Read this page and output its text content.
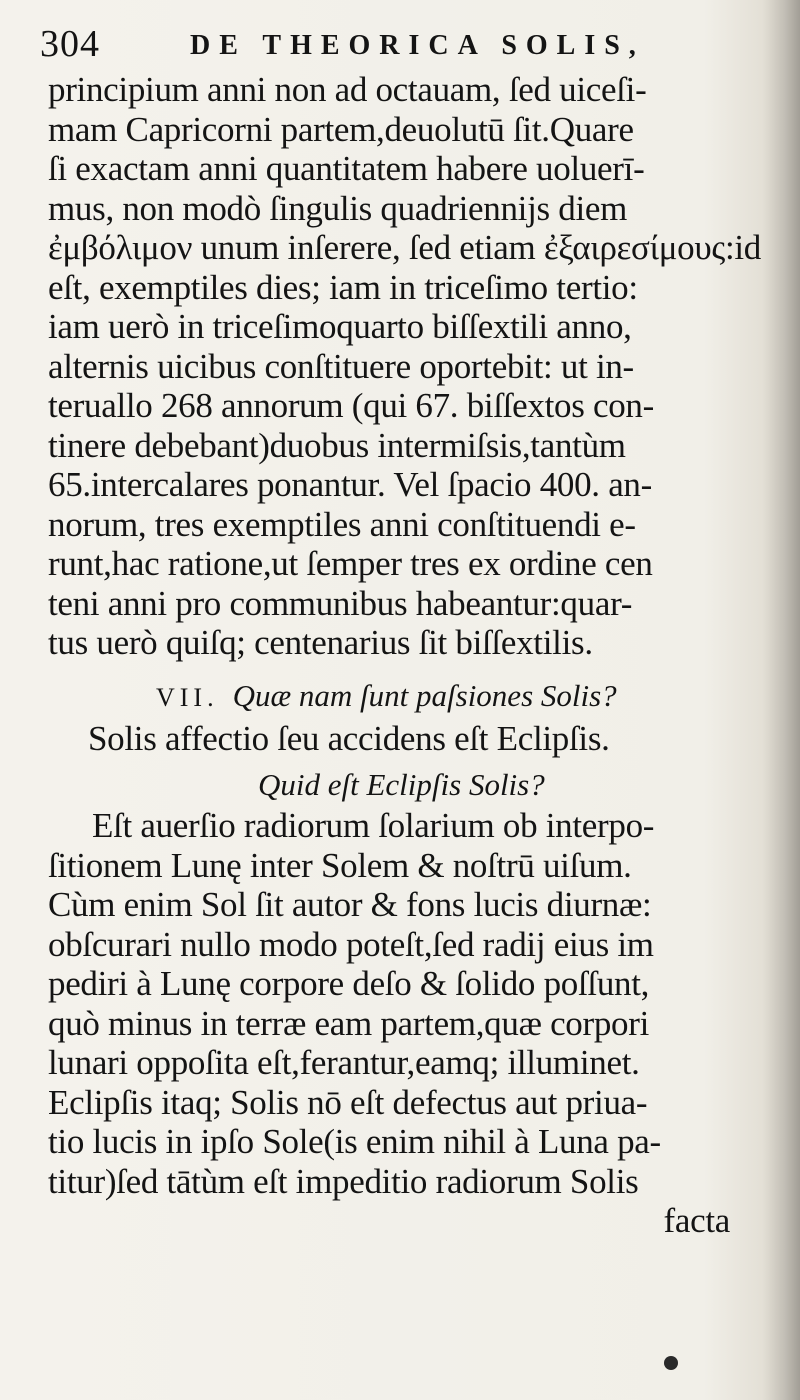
304	DE THEORICA SOLIS,
principium anni non ad octauam, ſed uiceſi-
mam Capricorni partem,deuolutū ſit.Quare
ſi exactam anni quantitatem habere uoluerī-
mus, non modò ſingulis quadriennijs diem
ἐμβόλιμον unum inſerere, ſed etiam ἐξαιρεσίμους:id
eſt, exemptiles dies; iam in triceſimo tertio:
iam uerò in triceſimoquarto biſſextili anno,
alternis uicibus conſtituere oportebit: ut in-
teruallo 268 annorum (qui 67. biſſextos con-
tinere debebant)duobus intermiſsis,tantùm
65.intercalares ponantur. Vel ſpacio 400. an-
norum, tres exemptiles anni conſtituendi e-
runt,hac ratione,ut ſemper tres ex ordine cen
teni anni pro communibus habeantur:quar-
tus uerò quiſq; centenarius ſit biſſextilis.
VII. Quæ nam ſunt paſsiones Solis?
Solis affectio ſeu accidens eſt Eclipſis.
Quid eſt Eclipſis Solis?
Eſt auerſio radiorum ſolarium ob interpo-
ſitionem Lunę inter Solem & noſtrū uiſum.
Cùm enim Sol ſit autor & fons lucis diurnæ:
obſcurari nullo modo poteſt,ſed radij eius im
pediri à Lunę corpore deſo & ſolido poſſunt,
quò minus in terræ eam partem,quæ corpori
lunari oppoſita eſt,ferantur,eamq; illuminet.
Eclipſis itaq; Solis nō eſt defectus aut priua-
tio lucis in ipſo Sole(is enim nihil à Luna pa-
titur)ſed tātùm eſt impeditio radiorum Solis
facta
